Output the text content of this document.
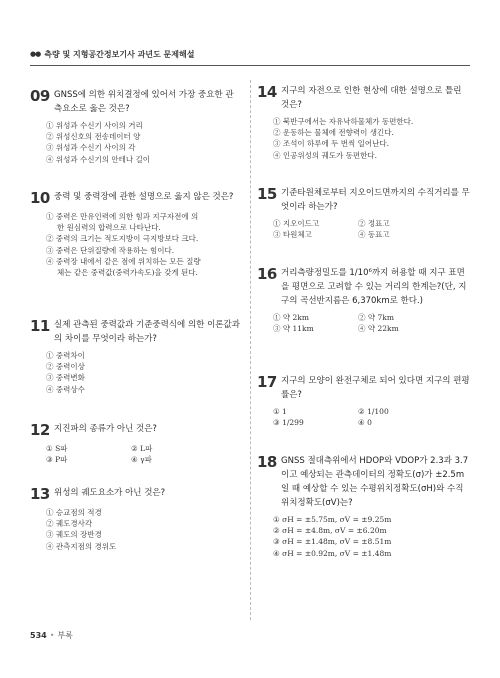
●● 측량 및 지형공간정보기사 과년도 문제해설
09 GNSS에 의한 위치결정에 있어서 가장 중요한 관측요소로 옳은 것은?
① 위성과 수신기 사이의 거리
② 위성신호의 전송데이터 양
③ 위성과 수신기 사이의 각
④ 위성과 수신기의 안테나 길이
10 중력 및 중력장에 관한 설명으로 옳지 않은 것은?
① 중력은 만유인력에 의한 힘과 지구자전에 의
한 원심력의 합력으로 나타난다.
② 중력의 크기는 적도지방이 극지방보다 크다.
③ 중력은 단위질량에 작용하는 힘이다.
④ 중력장 내에서 같은 점에 위치하는 모든 질량
체는 같은 중력값(중력가속도)을 갖게 된다.
11 실제 관측된 중력값과 기준중력식에 의한 이론값과의 차이를 무엇이라 하는가?
① 중력차이
② 중력이상
③ 중력변화
④ 중력상수
12 지진파의 종류가 아닌 것은?
① S파	② L파
③ P파	④ γ파
13 위성의 궤도요소가 아닌 것은?
① 승교점의 적경
② 궤도경사각
③ 궤도의 장반경
④ 관측지점의 경위도
14 지구의 자전으로 인한 현상에 대한 설명으로 틀린 것은?
① 북반구에서는 자유낙하물체가 동편한다.
② 운동하는 물체에 전향력이 생긴다.
③ 조석이 하루에 두 번씩 일어난다.
④ 인공위성의 궤도가 동편한다.
15 기준타원체로부터 지오이드면까지의 수직거리를 무엇이라 하는가?
① 지오이드고	② 정표고
③ 타원체고	④ 동표고
16 거리측량정밀도를 1/10⁶까지 허용할 때 지구 표면을 평면으로 고려할 수 있는 거리의 한계는?(단, 지구의 곡선반지름은 6,370km로 한다.)
① 약 2km	② 약 7km
③ 약 11km	④ 약 22km
17 지구의 모양이 완전구체로 되어 있다면 지구의 편평률은?
① 1	② 1/100
③ 1/299	④ 0
18 GNSS 절대측위에서 HDOP와 VDOP가 2.3과 3.7이고 예상되는 관측데이터의 정확도(σ)가 ±2.5m일 때 예상할 수 있는 수평위치정확도(σH)와 수직위치정확도(σV)는?
① σH = ±5.75m, σV = ±9.25m
② σH = ±4.8m, σV = ±6.20m
③ σH = ±1.48m, σV = ±8.51m
④ σH = ±0.92m, σV = ±1.48m
534 • 부록
